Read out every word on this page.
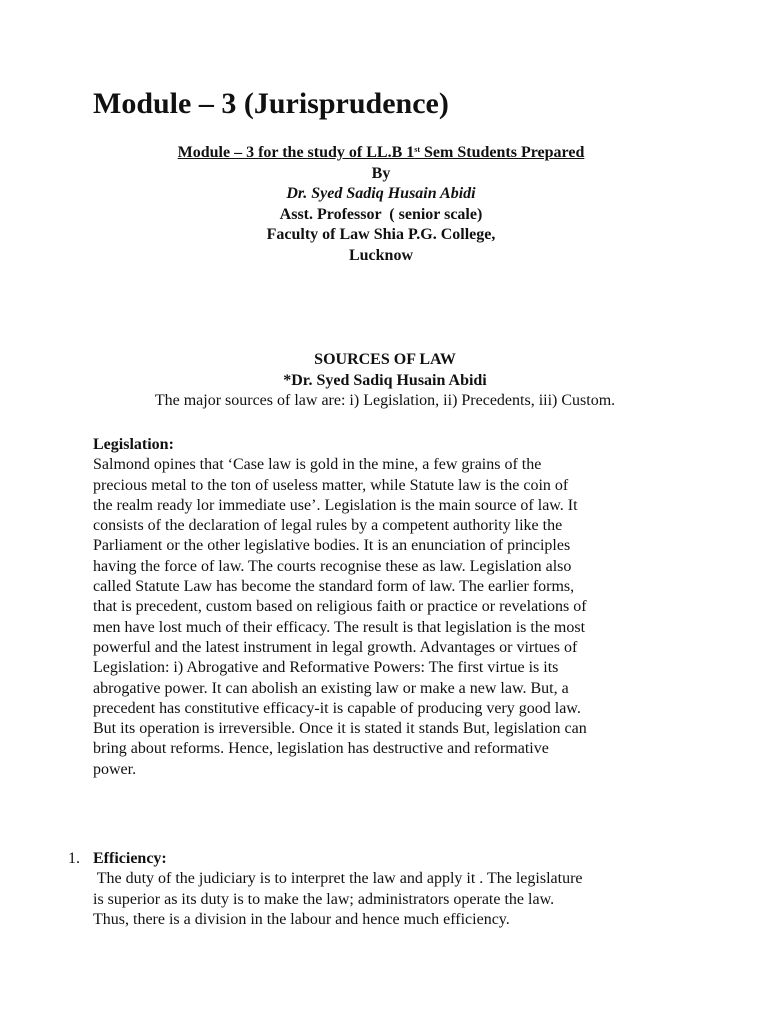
Module – 3 (Jurisprudence)
Module – 3 for the study of LL.B 1st Sem Students Prepared
By
Dr. Syed Sadiq Husain Abidi
Asst. Professor  ( senior scale)
Faculty of Law Shia P.G. College,
Lucknow
SOURCES OF LAW
*Dr. Syed Sadiq Husain Abidi
The major sources of law are: i) Legislation, ii) Precedents, iii) Custom.
Legislation:
Salmond opines that ‘Case law is gold in the mine, a few grains of the
precious metal to the ton of useless matter, while Statute law is the coin of
the realm ready lor immediate use’. Legislation is the main source of law. It
consists of the declaration of legal rules by a competent authority like the
Parliament or the other legislative bodies. It is an enunciation of principles
having the force of law. The courts recognise these as law. Legislation also
called Statute Law has become the standard form of law. The earlier forms,
that is precedent, custom based on religious faith or practice or revelations of
men have lost much of their efficacy. The result is that legislation is the most
powerful and the latest instrument in legal growth. Advantages or virtues of
Legislation: i) Abrogative and Reformative Powers: The first virtue is its
abrogative power. It can abolish an existing law or make a new law. But, a
precedent has constitutive efficacy-it is capable of producing very good law.
But its operation is irreversible. Once it is stated it stands But, legislation can
bring about reforms. Hence, legislation has destructive and reformative
power.
1. Efficiency:
The duty of the judiciary is to interpret the law and apply it . The legislature
is superior as its duty is to make the law; administrators operate the law.
Thus, there is a division in the labour and hence much efficiency.
